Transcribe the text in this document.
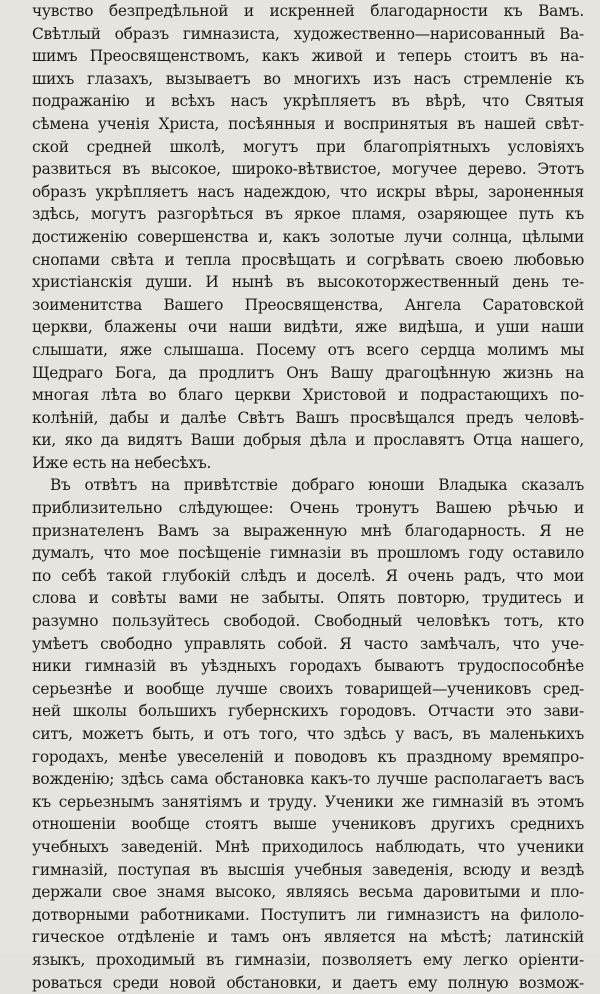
чувство безпредѣльной и искренней благодарности къ Вамъ.
Свѣтлый образъ гимназиста, художественно—нарисованный Ва-
шимъ Преосвященствомъ, какъ живой и теперь стоитъ въ на-
шихъ глазахъ, вызываетъ во многихъ изъ насъ стремленіе къ
подражанію и всѣхъ насъ укрѣпляетъ въ вѣрѣ, что Святыя
сѣмена ученія Христа, посѣянныя и воспринятыя въ нашей свѣт-
ской средней школѣ, могутъ при благопріятныхъ условіяхъ
развиться въ высокое, широко-вѣтвистое, могучее дерево. Этотъ
образъ укрѣпляетъ насъ надеждою, что искры вѣры, зароненныя
здѣсь, могутъ разгорѣться въ яркое пламя, озаряющее путь къ
достиженію совершенства и, какъ золотые лучи солнца, цѣлыми
снопами свѣта и тепла просвѣщать и согрѣвать своею любовью
христіанскія души. И нынѣ въ высокоторжественный день те-
зоименитства Вашего Преосвященства, Ангела Саратовской
церкви, блажены очи наши видѣти, яже видѣша, и уши наши
слышати, яже слышаша. Посему отъ всего сердца молимъ мы
Щедраго Бога, да продлитъ Онъ Вашу драгоцѣнную жизнь на
многая лѣта во благо церкви Христовой и подрастающихъ по-
колѣній, дабы и далѣе Свѣтъ Вашъ просвѣщался предъ человѣ-
ки, яко да видятъ Ваши добрыя дѣла и прославятъ Отца нашего,
Иже есть на небесѣхъ.
Въ отвѣтъ на привѣтствіе добраго юноши Владыка сказалъ
приблизительно слѣдующее: Очень тронутъ Вашею рѣчью и
признателенъ Вамъ за выраженную мнѣ благодарность. Я не
думалъ, что мое посѣщеніе гимназіи въ прошломъ году оставило
по себѣ такой глубокій слѣдъ и доселѣ. Я очень радъ, что мои
слова и совѣты вами не забыты. Опять повторю, трудитесь и
разумно пользуйтесь свободой. Свободный человѣкъ тотъ, кто
умѣетъ свободно управлять собой. Я часто замѣчалъ, что уче-
ники гимназій въ уѣздныхъ городахъ бываютъ трудоспособнѣе
серьезнѣе и вообще лучше своихъ товарищей—учениковъ сред-
ней школы большихъ губернскихъ городовъ. Отчасти это зави-
ситъ, можетъ быть, и отъ того, что здѣсь у васъ, въ маленькихъ
городахъ, менѣе увеселеній и поводовъ къ праздному времяпро-
вожденію; здѣсь сама обстановка какъ-то лучше располагаетъ васъ
къ серьезнымъ занятіямъ и труду. Ученики же гимназій въ этомъ
отношеніи вообще стоятъ выше учениковъ другихъ среднихъ
учебныхъ заведеній. Мнѣ приходилось наблюдать, что ученики
гимназій, поступая въ высшія учебныя заведенія, всюду и вездѣ
держали свое знамя высоко, являясь весьма даровитыми и пло-
дотворными работниками. Поступитъ ли гимназистъ на филоло-
гическое отдѣленіе и тамъ онъ является на мѣстѣ; латинскій
языкъ, проходимый въ гимназіи, позволяетъ ему легко оріенти-
роваться среди новой обстановки, и даетъ ему полную возмож-
